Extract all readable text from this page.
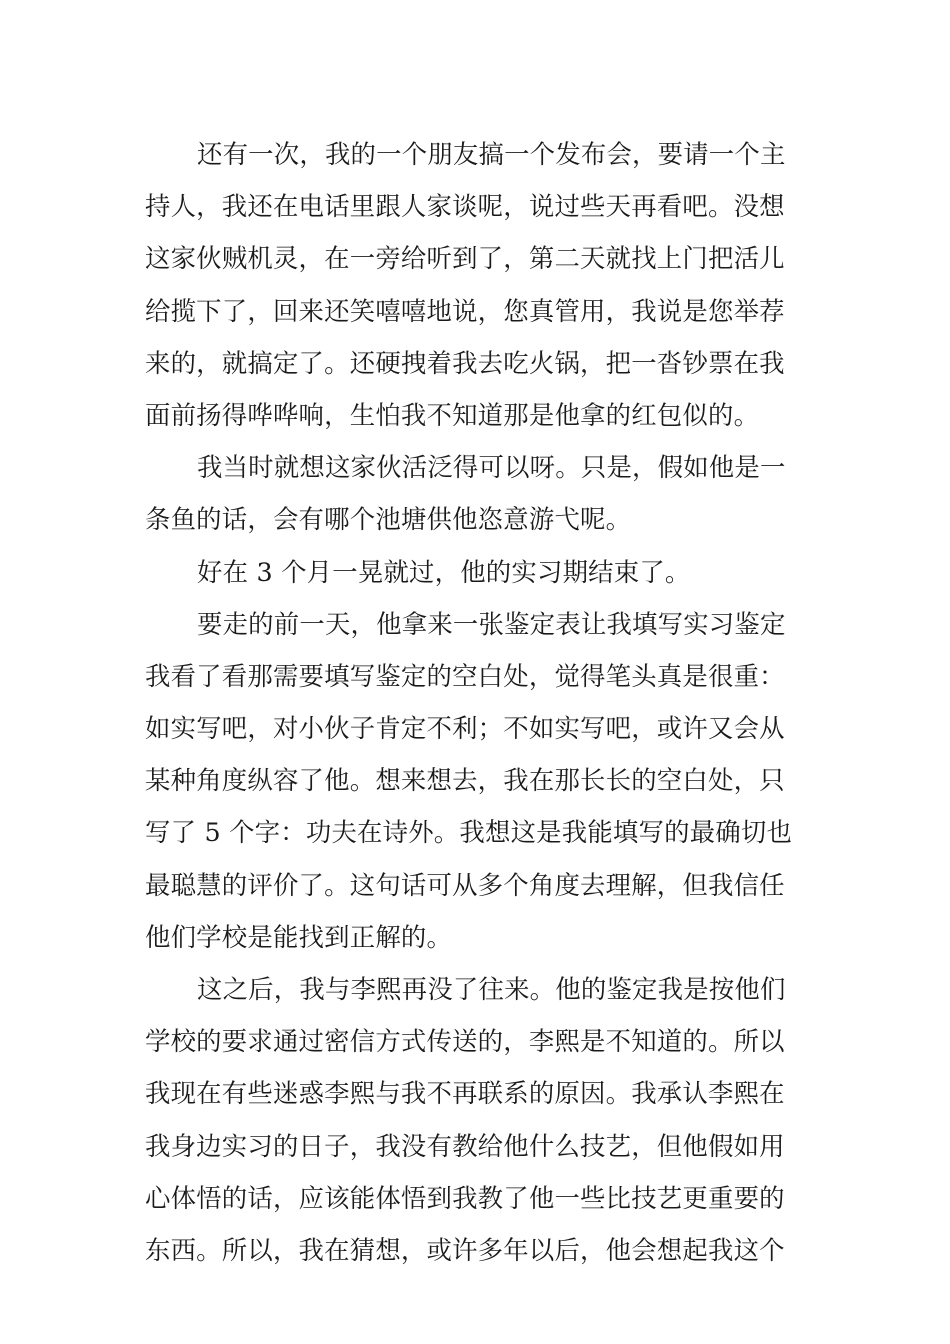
还有一次，我的一个朋友搞一个发布会，要请一个主
持人，我还在电话里跟人家谈呢，说过些天再看吧。没想
这家伙贼机灵，在一旁给听到了，第二天就找上门把活儿
给揽下了，回来还笑嘻嘻地说，您真管用，我说是您举荐
来的，就搞定了。还硬拽着我去吃火锅，把一沓钞票在我
面前扬得哗哗响，生怕我不知道那是他拿的红包似的。
我当时就想这家伙活泛得可以呀。只是，假如他是一
条鱼的话，会有哪个池塘供他恣意游弋呢。
好在 3 个月一晃就过，他的实习期结束了。
要走的前一天，他拿来一张鉴定表让我填写实习鉴定
我看了看那需要填写鉴定的空白处，觉得笔头真是很重：
如实写吧，对小伙子肯定不利；不如实写吧，或许又会从
某种角度纵容了他。想来想去，我在那长长的空白处，只
写了 5 个字：功夫在诗外。我想这是我能填写的最确切也
最聪慧的评价了。这句话可从多个角度去理解，但我信任
他们学校是能找到正解的。
这之后，我与李熙再没了往来。他的鉴定我是按他们
学校的要求通过密信方式传送的，李熙是不知道的。所以
我现在有些迷惑李熙与我不再联系的原因。我承认李熙在
我身边实习的日子，我没有教给他什么技艺，但他假如用
心体悟的话，应该能体悟到我教了他一些比技艺更重要的
东西。所以，我在猜想，或许多年以后，他会想起我这个
